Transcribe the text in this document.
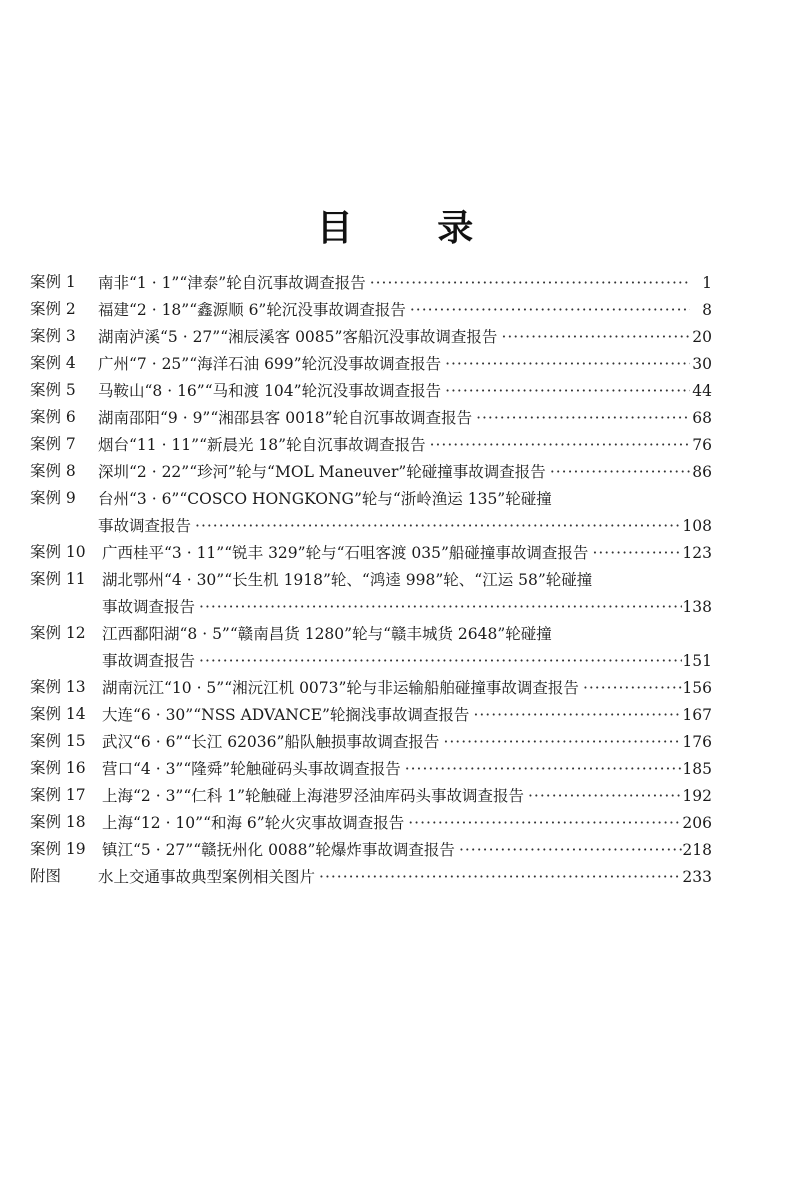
目 录
案例 1	南非“1 · 1”“津泰”轮自沉事故调查报告 ·····	1
案例 2	福建“2 · 18”“鑫源顺 6”轮沉没事故调查报告 ·····	8
案例 3	湖南泸溪“5 · 27”“湘辰溪客 0085”客船沉没事故调查报告 ·····	20
案例 4	广州“7 · 25”“海洋石油 699”轮沉没事故调查报告 ·····	30
案例 5	马鞍山“8 · 16”“马和渡 104”轮沉没事故调查报告 ·····	44
案例 6	湖南邵阳“9 · 9”“湘邵县客 0018”轮自沉事故调查报告 ·····	68
案例 7	烟台“11 · 11”“新晨光 18”轮自沉事故调查报告 ·····	76
案例 8	深圳“2 · 22”“珍河”轮与“MOL Maneuver”轮碰撞事故调查报告 ·····	86
案例 9	台州“3 · 6”“COSCO HONGKONG”轮与“浙岭渔运 135”轮碰撞
事故调查报告 ·····	108
案例 10	广西桂平“3 · 11”“锐丰 329”轮与“石咀客渡 035”船碰撞事故调查报告 ·····	123
案例 11	湖北鄂州“4 · 30”“长生机 1918”轮、“鸿逵 998”轮、“江运 58”轮碰撞
事故调查报告 ·····	138
案例 12	江西鄱阳湖“8 · 5”“赣南昌货 1280”轮与“赣丰城货 2648”轮碰撞
事故调查报告 ·····	151
案例 13	湖南沅江“10 · 5”“湘沅江机 0073”轮与非运输船舶碰撞事故调查报告 ·····	156
案例 14	大连“6 · 30”“NSS ADVANCE”轮搁浅事故调查报告 ·····	167
案例 15	武汉“6 · 6”“长江 62036”船队触损事故调查报告 ·····	176
案例 16	营口“4 · 3”“隆舜”轮触碰码头事故调查报告 ·····	185
案例 17	上海“2 · 3”“仁科 1”轮触碰上海港罗泾油库码头事故调查报告 ·····	192
案例 18	上海“12 · 10”“和海 6”轮火灾事故调查报告 ·····	206
案例 19	镇江“5 · 27”“赣抚州化 0088”轮爆炸事故调查报告 ·····	218
附图	水上交通事故典型案例相关图片 ·····	233
